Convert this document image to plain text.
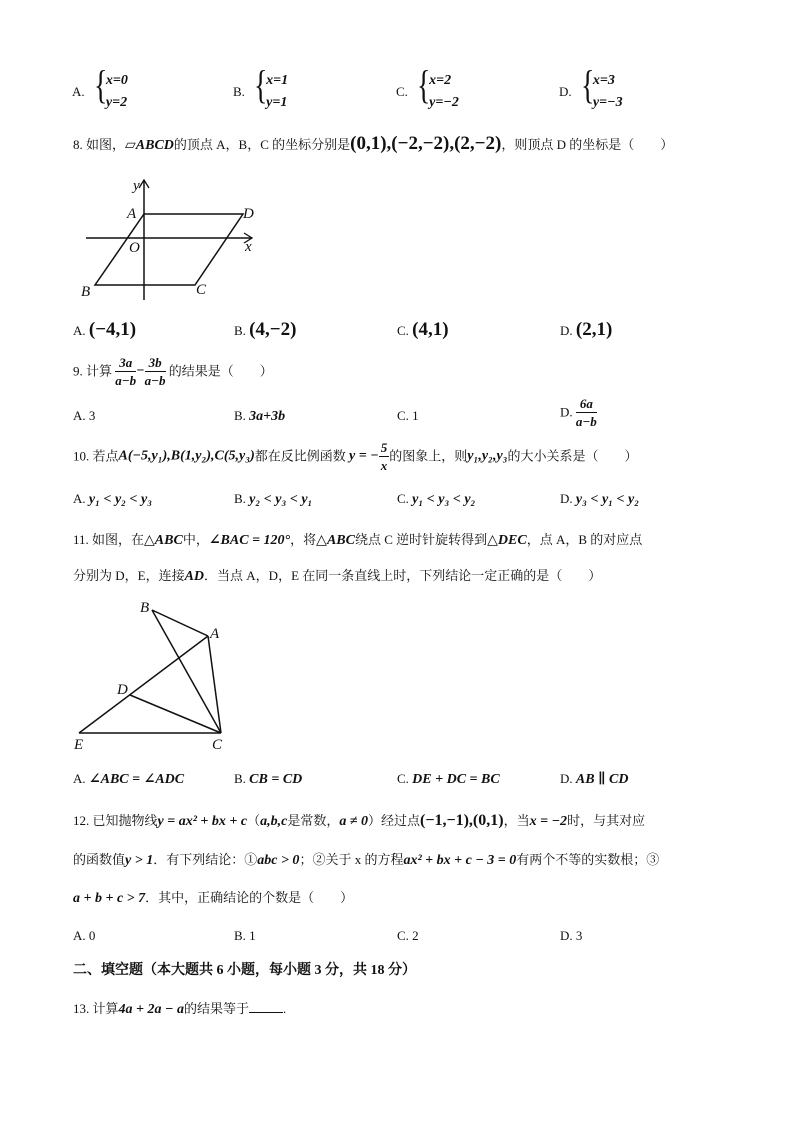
A. {
x=0
y=2
B. {
x=1
y=1
C. {
x=2
y=−2
D. {
x=3
y=−3
8. 如图，▱ABCD的顶点 A，B，C 的坐标分别是(0,1),(−2,−2),(2,−2)，则顶点 D 的坐标是（　　）
y
A	D
O	x
B	C
A. (−4,1)	B. (4,−2)	C. (4,1)	D. (2,1)
9. 计算 $\frac{3a}{a-b} - \frac{3b}{a-b}$ 的结果是（　　）
A. 3	B. 3a+3b	C. 1	D. $\frac{6a}{a-b}$
10. 若点A(−5,y₁),B(1,y₂),C(5,y₃)都在反比例函数 y = − $\frac{5}{x}$ 的图象上，则y₁,y₂,y₃的大小关系是（　　）
A. y₁ < y₂ < y₃	B. y₂ < y₃ < y₁	C. y₁ < y₃ < y₂	D. y₃ < y₁ < y₂
11. 如图，在△ABC中，∠BAC = 120°，将△ABC绕点 C 逆时针旋转得到△DEC，点 A，B 的对应点
分别为 D，E，连接AD．当点 A，D，E 在同一条直线上时，下列结论一定正确的是（　　）
B
A
D
E	C
A. ∠ABC = ∠ADC	B. CB = CD	C. DE + DC = BC	D. AB ∥ CD
12. 已知抛物线y = ax² + bx + c（a,b,c是常数，a ≠ 0）经过点(−1,−1),(0,1)，当x = −2时，与其对应
的函数值y > 1．有下列结论：①abc > 0；②关于 x 的方程ax² + bx + c − 3 = 0有两个不等的实数根；③
a + b + c > 7．其中，正确结论的个数是（　　）
A. 0	B. 1	C. 2	D. 3
二、填空题（本大题共 6 小题，每小题 3 分，共 18 分）
13. 计算4a + 2a − a的结果等于	.
